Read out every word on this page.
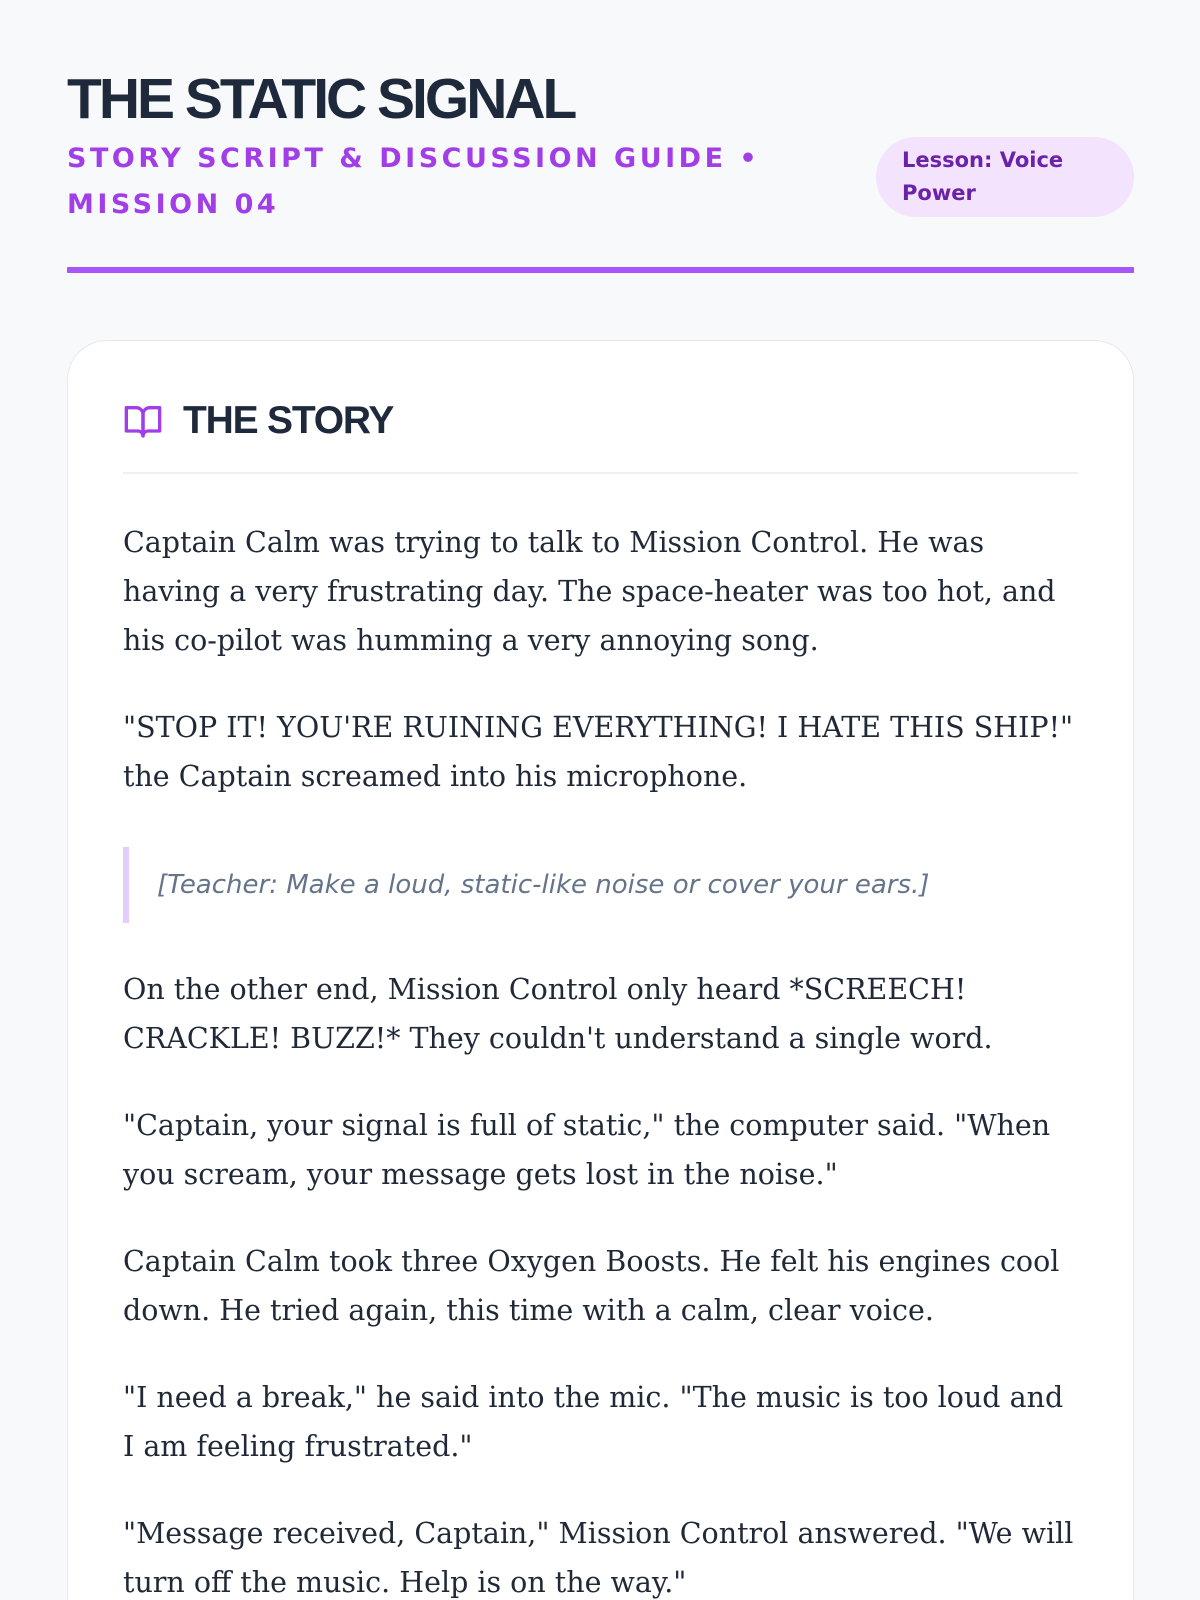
THE STATIC SIGNAL
STORY SCRIPT & DISCUSSION GUIDE • MISSION 04
Lesson: Voice Power
THE STORY

Captain Calm was trying to talk to Mission Control. He was having a very frustrating day. The space-heater was too hot, and his co-pilot was humming a very annoying song.

"STOP IT! YOU'RE RUINING EVERYTHING! I HATE THIS SHIP!" the Captain screamed into his microphone.

[Teacher: Make a loud, static-like noise or cover your ears.]

On the other end, Mission Control only heard *SCREECH! CRACKLE! BUZZ!* They couldn't understand a single word.

"Captain, your signal is full of static," the computer said. "When you scream, your message gets lost in the noise."

Captain Calm took three Oxygen Boosts. He felt his engines cool down. He tried again, this time with a calm, clear voice.

"I need a break," he said into the mic. "The music is too loud and I am feeling frustrated."

"Message received, Captain," Mission Control answered. "We will turn off the music. Help is on the way."
